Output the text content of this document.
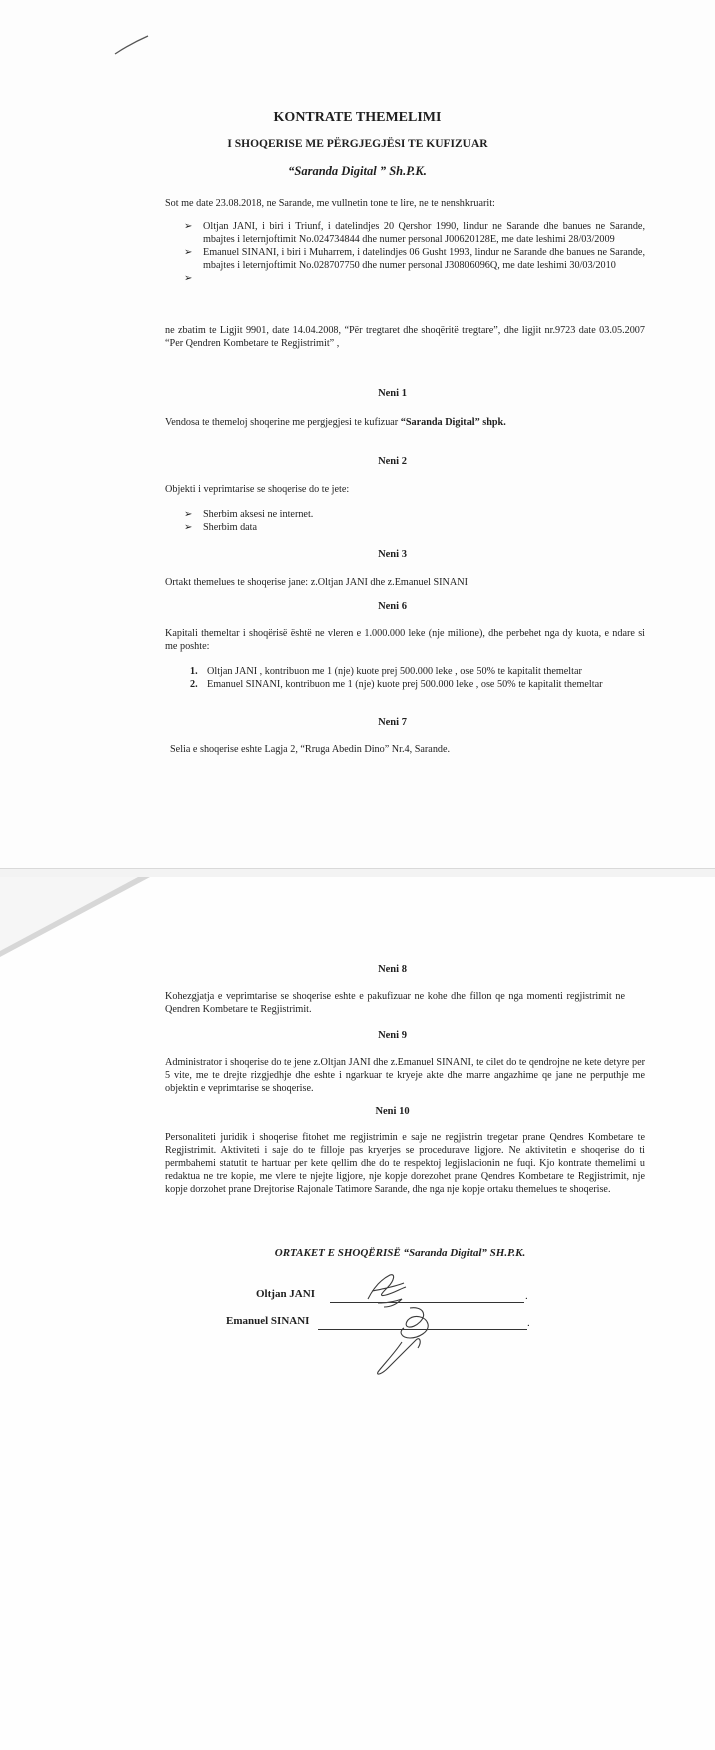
KONTRATE THEMELIMI
I SHOQERISE ME PËRGJEGJËSI TE KUFIZUAR
“Saranda Digital ” Sh.P.K.
Sot me date 23.08.2018, ne Sarande, me vullnetin tone te lire, ne te nenshkruarit:
➢ Oltjan JANI, i biri i Triunf, i datelindjes 20 Qershor 1990, lindur ne Sarande dhe banues ne Sarande, mbajtes i leternjoftimit No.024734844 dhe numer personal J00620128E, me date leshimi 28/03/2009
➢ Emanuel SINANI, i biri i Muharrem, i datelindjes 06 Gusht 1993, lindur ne Sarande dhe banues ne Sarande, mbajtes i leternjoftimit No.028707750 dhe numer personal J30806096Q, me date leshimi 30/03/2010
➢
ne zbatim te Ligjit 9901, date 14.04.2008, “Për tregtaret dhe shoqëritë tregtare”, dhe ligjit nr.9723 date 03.05.2007 “Per Qendren Kombetare te Regjistrimit” ,
Neni 1
Vendosa te themeloj shoqerine me pergjegjesi te kufizuar “Saranda Digital” shpk.
Neni 2
Objekti i veprimtarise se shoqerise do te jete:
➢ Sherbim aksesi ne internet.
➢ Sherbim data
Neni 3
Ortakt themelues te shoqerise jane: z.Oltjan JANI dhe z.Emanuel SINANI
Neni 6
Kapitali themeltar i shoqërisë është ne vleren e 1.000.000 leke (nje milione), dhe perbehet nga dy kuota, e ndare si me poshte:
1. Oltjan JANI , kontribuon me 1 (nje) kuote prej 500.000 leke , ose 50% te kapitalit themeltar
2. Emanuel SINANI, kontribuon me 1 (nje) kuote prej 500.000 leke , ose 50% te kapitalit themeltar
Neni 7
Selia e shoqerise eshte Lagja 2, “Rruga Abedin Dino” Nr.4, Sarande.
Neni 8
Kohezgjatja e veprimtarise se shoqerise eshte e pakufizuar ne kohe dhe fillon qe nga momenti regjistrimit ne Qendren Kombetare te Regjistrimit.
Neni 9
Administrator i shoqerise do te jene z.Oltjan JANI dhe z.Emanuel SINANI, te cilet do te qendrojne ne kete detyre per 5 vite, me te drejte rizgjedhje dhe eshte i ngarkuar te kryeje akte dhe marre angazhime qe jane ne perputhje me objektin e veprimtarise se shoqerise.
Neni 10
Personaliteti juridik i shoqerise fitohet me regjistrimin e saje ne regjistrin tregetar prane Qendres Kombetare te Regjistrimit. Aktiviteti i saje do te filloje pas kryerjes se procedurave ligjore. Ne aktivitetin e shoqerise do ti permbahemi statutit te hartuar per kete qellim dhe do te respektoj legjislacionin ne fuqi. Kjo kontrate themelimi u redaktua ne tre kopie, me vlere te njejte ligjore, nje kopje dorezohet prane Qendres Kombetare te Regjistrimit, nje kopje dorzohet prane Drejtorise Rajonale Tatimore Sarande, dhe nga nje kopje ortaku themelues te shoqerise.
ORTAKET E SHOQËRISË “Saranda Digital” SH.P.K.
Oltjan JANI	.
Emanuel SINANI	.
